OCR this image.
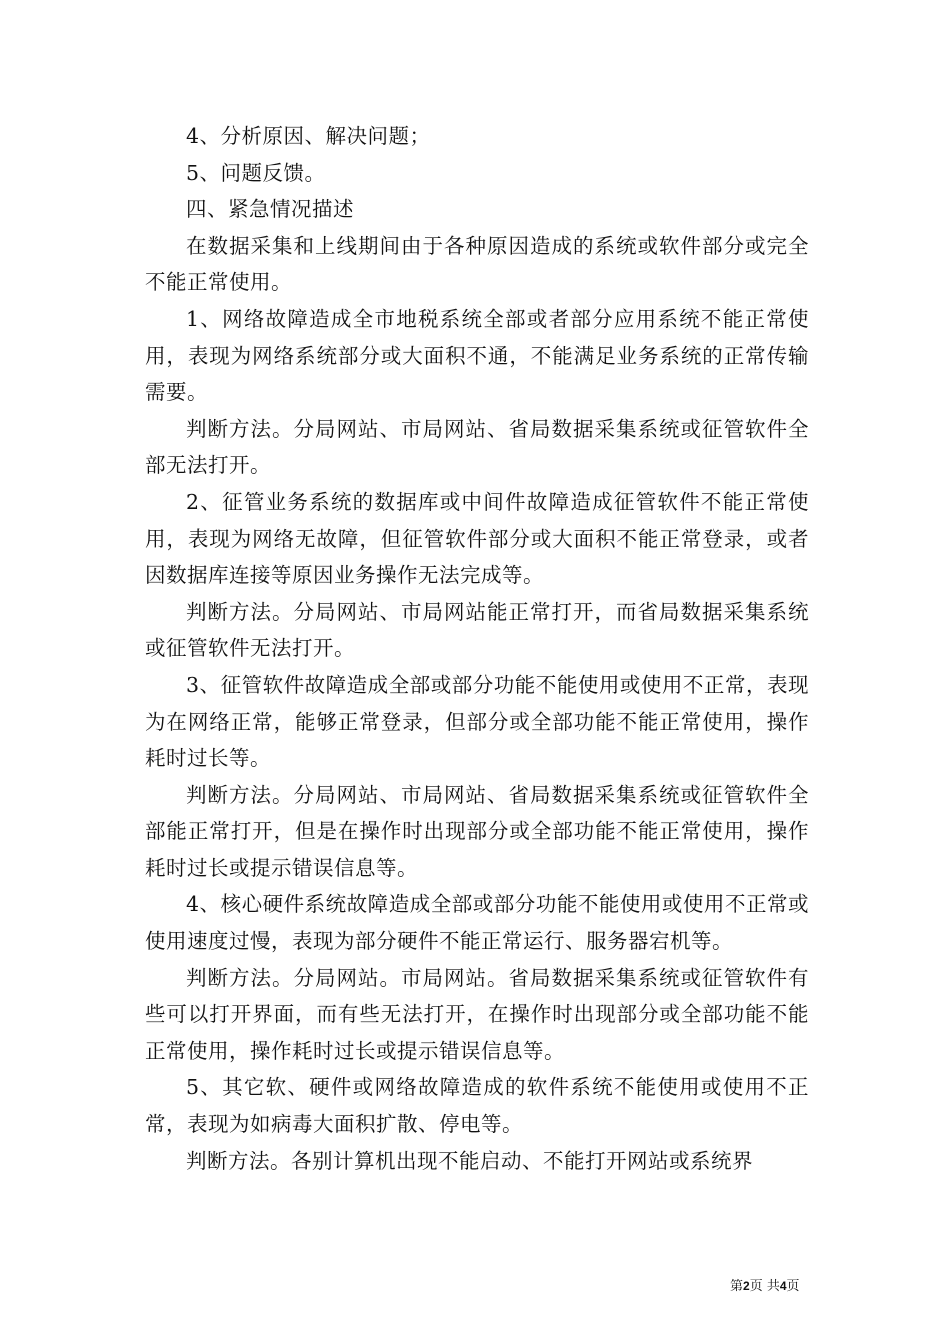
4、分析原因、解决问题；

5、问题反馈。

四、紧急情况描述

在数据采集和上线期间由于各种原因造成的系统或软件部分或完全不能正常使用。

1、网络故障造成全市地税系统全部或者部分应用系统不能正常使用，表现为网络系统部分或大面积不通，不能满足业务系统的正常传输需要。

判断方法。分局网站、市局网站、省局数据采集系统或征管软件全部无法打开。

2、征管业务系统的数据库或中间件故障造成征管软件不能正常使用，表现为网络无故障，但征管软件部分或大面积不能正常登录，或者因数据库连接等原因业务操作无法完成等。

判断方法。分局网站、市局网站能正常打开，而省局数据采集系统或征管软件无法打开。

3、征管软件故障造成全部或部分功能不能使用或使用不正常，表现为在网络正常，能够正常登录，但部分或全部功能不能正常使用，操作耗时过长等。

判断方法。分局网站、市局网站、省局数据采集系统或征管软件全部能正常打开，但是在操作时出现部分或全部功能不能正常使用，操作耗时过长或提示错误信息等。

4、核心硬件系统故障造成全部或部分功能不能使用或使用不正常或使用速度过慢，表现为部分硬件不能正常运行、服务器宕机等。

判断方法。分局网站。市局网站。省局数据采集系统或征管软件有些可以打开界面，而有些无法打开，在操作时出现部分或全部功能不能正常使用，操作耗时过长或提示错误信息等。

5、其它软、硬件或网络故障造成的软件系统不能使用或使用不正常，表现为如病毒大面积扩散、停电等。

判断方法。各别计算机出现不能启动、不能打开网站或系统界

第2页 共4页
